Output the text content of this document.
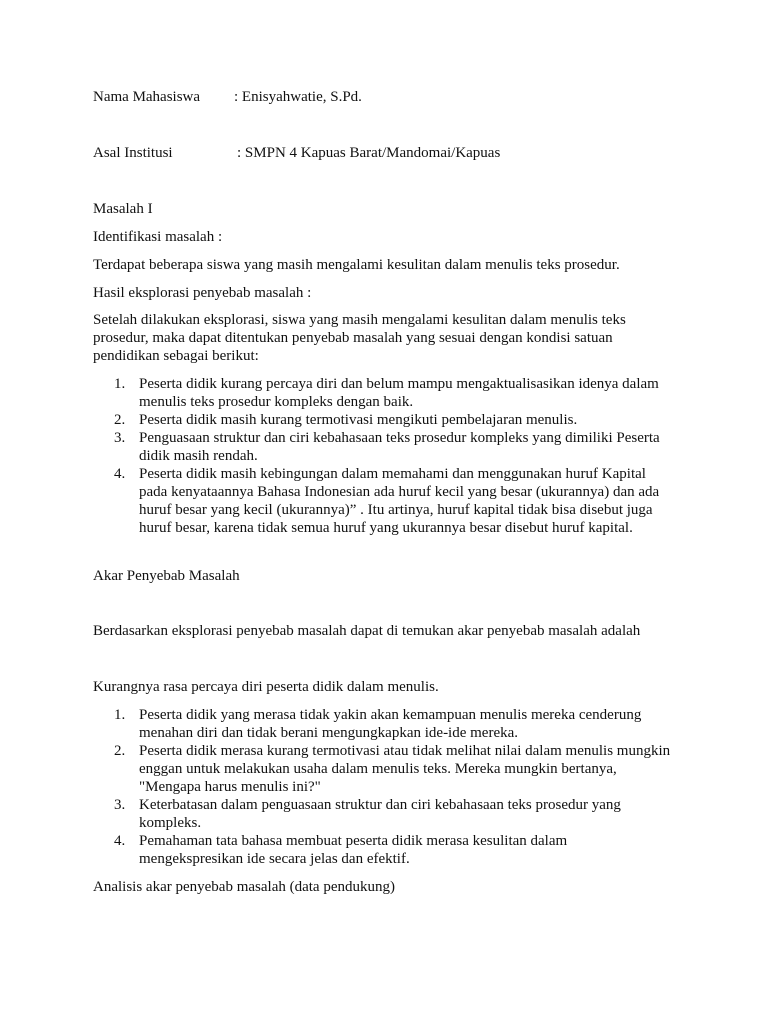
Nama Mahasiswa : Enisyahwatie, S.Pd.
Asal Institusi	: SMPN 4 Kapuas Barat/Mandomai/Kapuas

Masalah I

Identifikasi masalah :

Terdapat beberapa siswa yang masih mengalami kesulitan dalam menulis teks prosedur.

Hasil eksplorasi penyebab masalah :

Setelah dilakukan eksplorasi, siswa yang masih mengalami kesulitan dalam menulis teks prosedur, maka dapat ditentukan penyebab masalah yang sesuai dengan kondisi satuan pendidikan sebagai berikut:

1. Peserta didik kurang percaya diri dan belum mampu mengaktualisasikan idenya dalam menulis teks prosedur kompleks dengan baik.
2. Peserta didik masih kurang termotivasi mengikuti pembelajaran menulis.
3. Penguasaan struktur dan ciri kebahasaan teks prosedur kompleks yang dimiliki Peserta didik masih rendah.
4. Peserta didik masih kebingungan dalam memahami dan menggunakan huruf Kapital pada kenyataannya Bahasa Indonesian ada huruf kecil yang besar (ukurannya) dan ada huruf besar yang kecil (ukurannya)” . Itu artinya, huruf kapital tidak bisa disebut juga huruf besar, karena tidak semua huruf yang ukurannya besar disebut huruf kapital.

Akar Penyebab Masalah

Berdasarkan eksplorasi penyebab masalah dapat di temukan akar penyebab masalah adalah

Kurangnya rasa percaya diri peserta didik dalam menulis.

1. Peserta didik yang merasa tidak yakin akan kemampuan menulis mereka cenderung menahan diri dan tidak berani mengungkapkan ide-ide mereka.
2. Peserta didik merasa kurang termotivasi atau tidak melihat nilai dalam menulis mungkin enggan untuk melakukan usaha dalam menulis teks. Mereka mungkin bertanya, "Mengapa harus menulis ini?"
3. Keterbatasan dalam penguasaan struktur dan ciri kebahasaan teks prosedur yang kompleks.
4. Pemahaman tata bahasa membuat peserta didik merasa kesulitan dalam mengekspresikan ide secara jelas dan efektif.

Analisis akar penyebab masalah (data pendukung)
